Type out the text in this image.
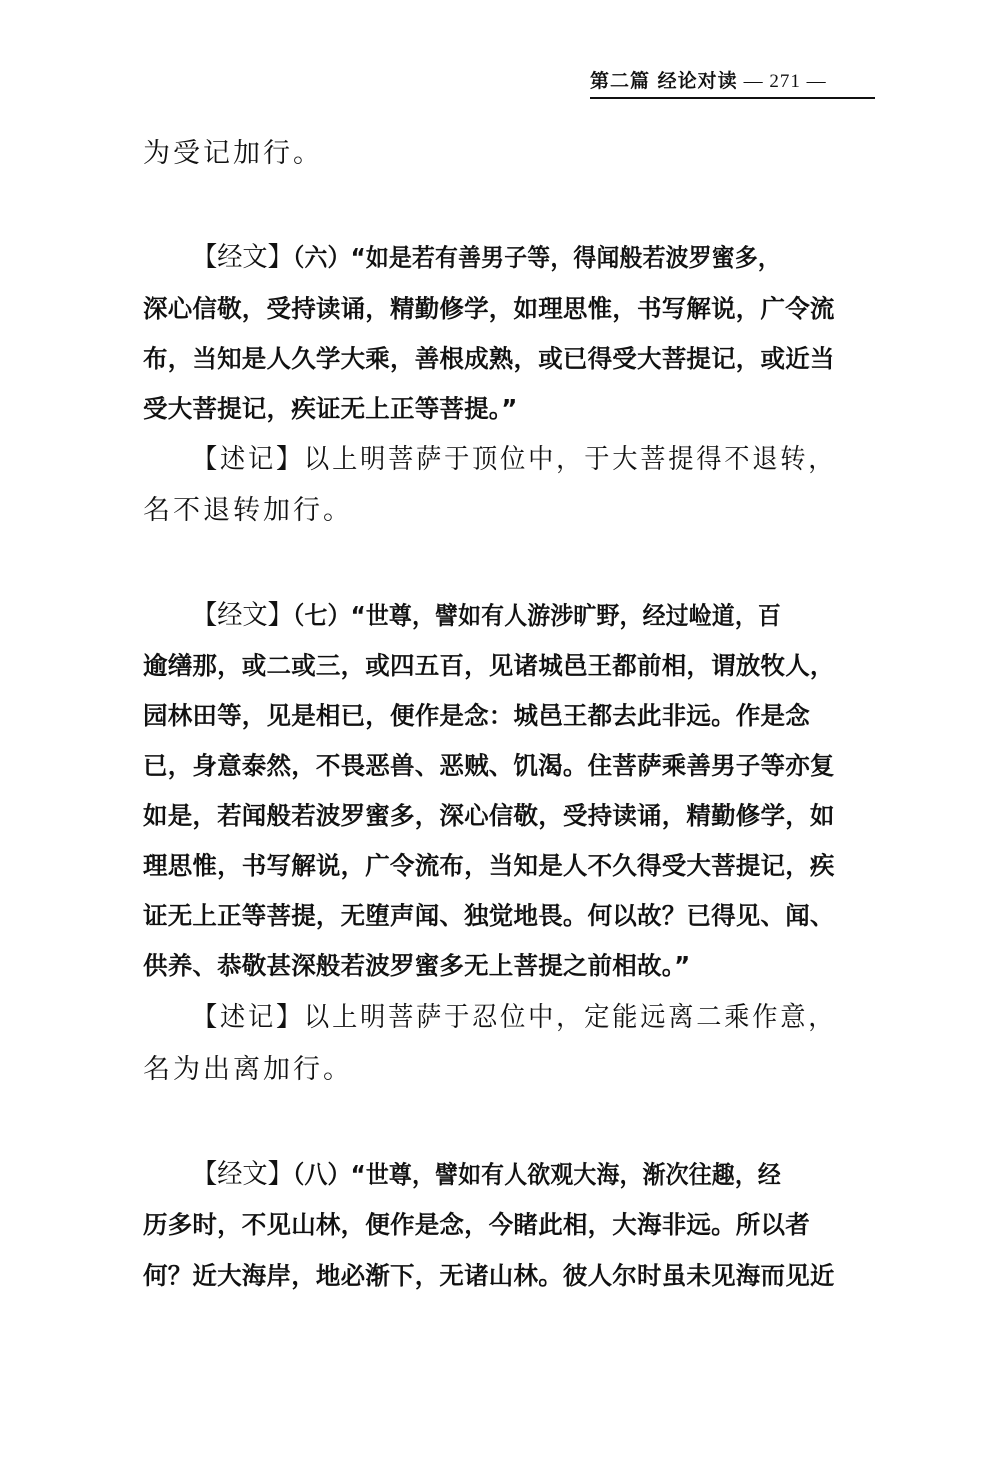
第二篇 经论对读 — 271 —
为受记加行。
【经文】（六）“如是若有善男子等，得闻般若波罗蜜多，
深心信敬，受持读诵，精勤修学，如理思惟，书写解说，广令流
布，当知是人久学大乘，善根成熟，或已得受大菩提记，或近当
受大菩提记，疾证无上正等菩提。”
【述记】以上明菩萨于顶位中，于大菩提得不退转，
名不退转加行。
【经文】（七）“世尊，譬如有人游涉旷野，经过崄道，百
逾缮那，或二或三，或四五百，见诸城邑王都前相，谓放牧人，
园林田等，见是相已，便作是念：城邑王都去此非远。作是念
已，身意泰然，不畏恶兽、恶贼、饥渴。住菩萨乘善男子等亦复
如是，若闻般若波罗蜜多，深心信敬，受持读诵，精勤修学，如
理思惟，书写解说，广令流布，当知是人不久得受大菩提记，疾
证无上正等菩提，无堕声闻、独觉地畏。何以故？已得见、闻、
供养、恭敬甚深般若波罗蜜多无上菩提之前相故。”
【述记】以上明菩萨于忍位中，定能远离二乘作意，
名为出离加行。
【经文】（八）“世尊，譬如有人欲观大海，渐次往趣，经
历多时，不见山林，便作是念，今睹此相，大海非远。所以者
何？近大海岸，地必渐下，无诸山林。彼人尔时虽未见海而见近
